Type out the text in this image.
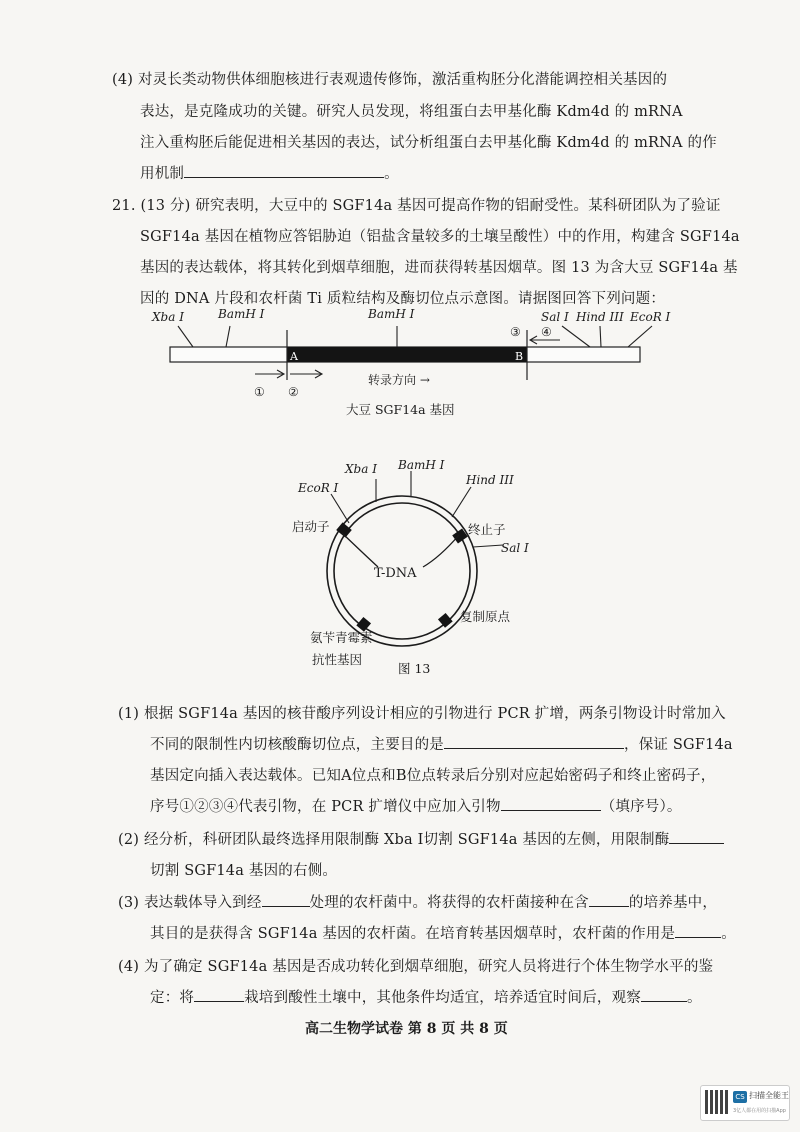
(4) 对灵长类动物供体细胞核进行表观遗传修饰，激活重构胚分化潜能调控相关基因的
表达，是克隆成功的关键。研究人员发现，将组蛋白去甲基化酶 Kdm4d 的 mRNA
注入重构胚后能促进相关基因的表达，试分析组蛋白去甲基化酶 Kdm4d 的 mRNA 的作
用机制	。
21. (13 分) 研究表明，大豆中的 SGF14a 基因可提高作物的铝耐受性。某科研团队为了验证
SGF14a 基因在植物应答铝胁迫（铝盐含量较多的土壤呈酸性）中的作用，构建含 SGF14a
基因的表达载体，将其转化到烟草细胞，进而获得转基因烟草。图 13 为含大豆 SGF14a 基
因的 DNA 片段和农杆菌 Ti 质粒结构及酶切位点示意图。请据图回答下列问题：
Xba I	BamH I	BamH I	Sal I Hind III EcoR I
A	B
③ ④
① ②
转录方向 →
大豆 SGF14a 基因
T-DNA
Xba I BamH I
Hind III
EcoR I
Sal I
启动子	终止子
复制原点
氨苄青霉素
抗性基因
图 13
(1) 根据 SGF14a 基因的核苷酸序列设计相应的引物进行 PCR 扩增，两条引物设计时常加入
不同的限制性内切核酸酶切位点，主要目的是	，保证 SGF14a
基因定向插入表达载体。已知A位点和B位点转录后分别对应起始密码子和终止密码子，
序号①②③④代表引物，在 PCR 扩增仪中应加入引物	（填序号）。
(2) 经分析，科研团队最终选择用限制酶 Xba I切割 SGF14a 基因的左侧，用限制酶
切割 SGF14a 基因的右侧。
(3) 表达载体导入到经	处理的农杆菌中。将获得的农杆菌接种在含	的培养基中，
其目的是获得含 SGF14a 基因的农杆菌。在培育转基因烟草时，农杆菌的作用是	。
(4) 为了确定 SGF14a 基因是否成功转化到烟草细胞，研究人员将进行个体生物学水平的鉴
定：将	栽培到酸性土壤中，其他条件均适宜，培养适宜时间后，观察	。
高二生物学试卷 第 8 页 共 8 页
CS 扫描全能王
3亿人都在用的扫描App
